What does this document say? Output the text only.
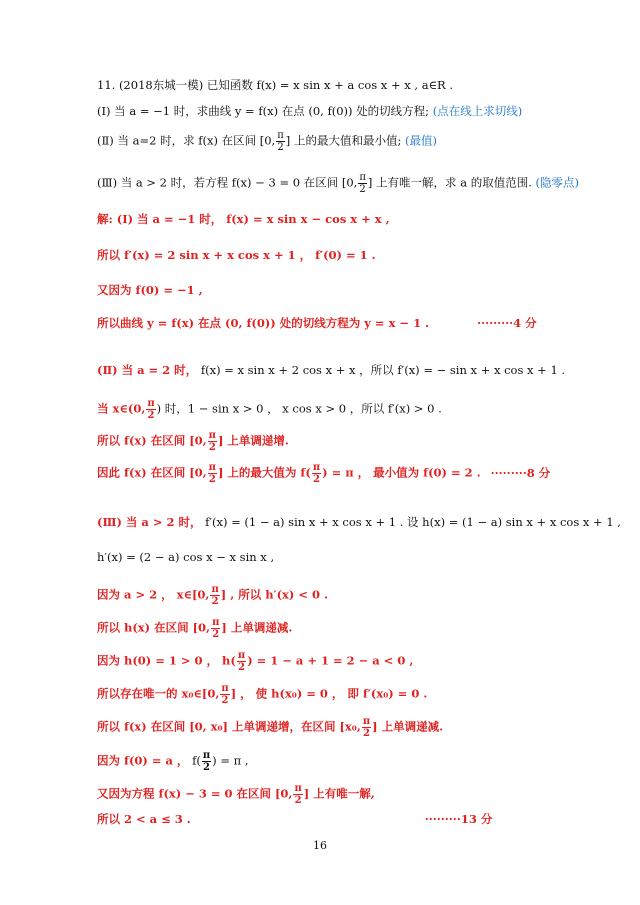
11. (2018东城一模) 已知函数 f(x) = x sin x + a cos x + x , a∈R .
(Ⅰ) 当 a = −1 时，求曲线 y = f(x) 在点 (0, f(0)) 处的切线方程; (点在线上求切线)
(Ⅱ) 当 a=2 时，求 f(x) 在区间 [0, $\frac{\pi}{2}$ ] 上的最大值和最小值; (最值)
(Ⅲ) 当 a > 2 时，若方程 f(x) − 3 = 0 在区间 [0, $\frac{\pi}{2}$ ] 上有唯一解，求 a 的取值范围. (隐零点)
解: (Ⅰ) 当 a = −1 时， f(x) = x sin x − cos x + x ,
所以 f′(x) = 2 sin x + x cos x + 1 ， f′(0) = 1 .
又因为 f(0) = −1 ,
所以曲线 y = f(x) 在点 (0, f(0)) 处的切线方程为 y = x − 1 .	·········4 分
(Ⅱ) 当 a = 2 时， f(x) = x sin x + 2 cos x + x ，所以 f′(x) = − sin x + x cos x + 1 .
当 x∈(0, $\frac{\pi}{2}$ ) 时，1 − sin x > 0 ， x cos x > 0 ，所以 f′(x) > 0 .
所以 f(x) 在区间 [0, $\frac{\pi}{2}$ ] 上单调递增.
因此 f(x) 在区间 [0, $\frac{\pi}{2}$ ] 上的最大值为 $f( \frac{\pi}{2}$ ) = π ， 最小值为 f(0) = 2 . ·········8 分
(Ⅲ) 当 a > 2 时， f′(x) = (1 − a) sin x + x cos x + 1 . 设 h(x) = (1 − a) sin x + x cos x + 1 ,
h′(x) = (2 − a) cos x − x sin x ,
因为 a > 2 ， x∈[0, $\frac{\pi}{2}$ ] , 所以 h′(x) < 0 .
所以 h(x) 在区间 [0, $\frac{\pi}{2}$ ] 上单调递减.
因为 h(0) = 1 > 0 ， $h( \frac{\pi}{2}$ ) = 1 − a + 1 = 2 − a < 0 ,
所以存在唯一的 x₀∈[0, $\frac{\pi}{2}$ ] ， 使 h(x₀) = 0 ， 即 f′(x₀) = 0 .
所以 f(x) 在区间 [0, x₀] 上单调递增，在区间 [x₀, $\frac{\pi}{2}$ ] 上单调递减.
因为 f(0) = a ， $f( \frac{\pi}{2}$ ) = π ,
又因为方程 f(x) − 3 = 0 在区间 [0, $\frac{\pi}{2}$ ] 上有唯一解,
所以 2 < a ≤ 3 .	·········13 分
16
